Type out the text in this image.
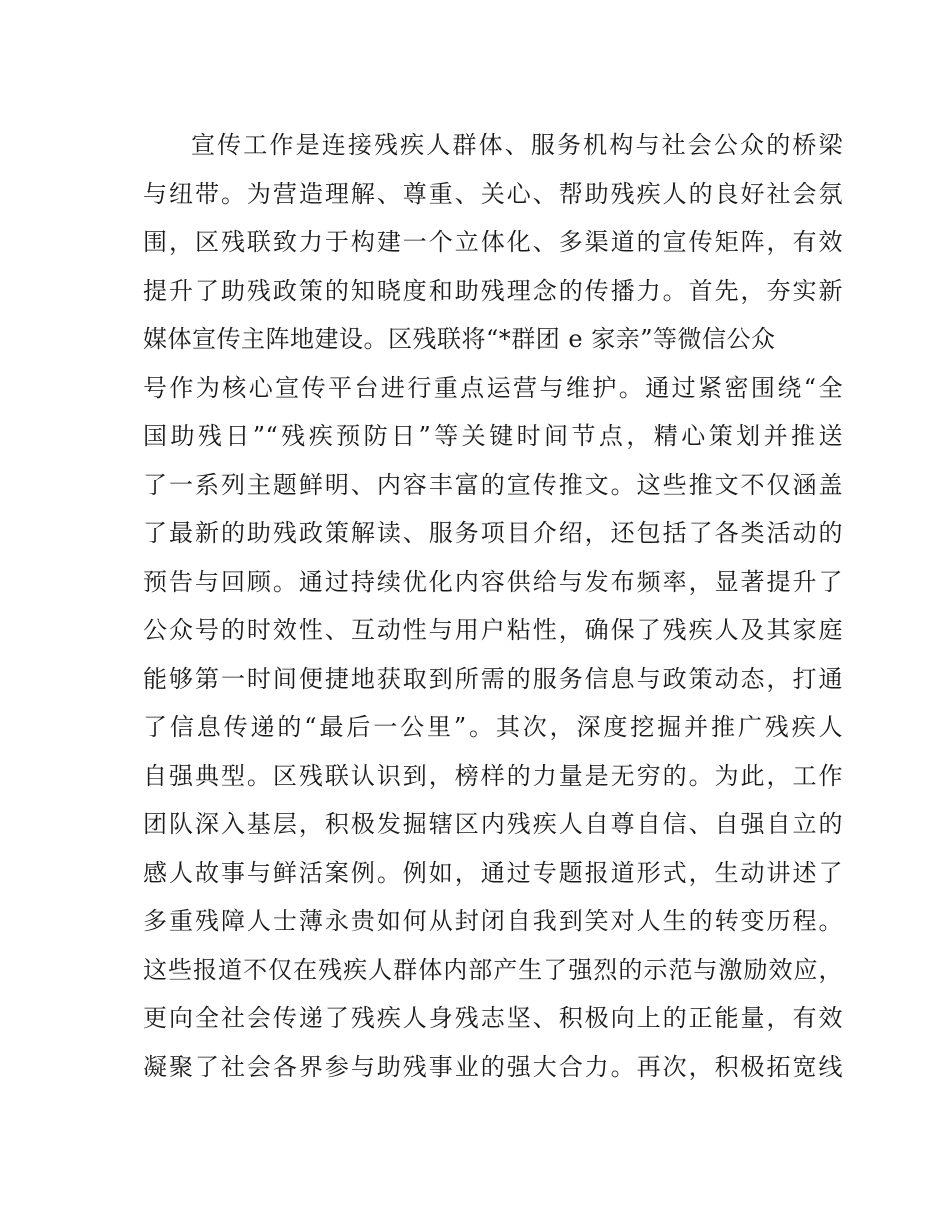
宣传工作是连接残疾人群体、服务机构与社会公众的桥梁
与纽带。为营造理解、尊重、关心、帮助残疾人的良好社会氛
围，区残联致力于构建一个立体化、多渠道的宣传矩阵，有效
提升了助残政策的知晓度和助残理念的传播力。首先，夯实新
媒体宣传主阵地建设。区残联将“*群团 e 家亲”等微信公众
号作为核心宣传平台进行重点运营与维护。通过紧密围绕“全
国助残日”“残疾预防日”等关键时间节点，精心策划并推送
了一系列主题鲜明、内容丰富的宣传推文。这些推文不仅涵盖
了最新的助残政策解读、服务项目介绍，还包括了各类活动的
预告与回顾。通过持续优化内容供给与发布频率，显著提升了
公众号的时效性、互动性与用户粘性，确保了残疾人及其家庭
能够第一时间便捷地获取到所需的服务信息与政策动态，打通
了信息传递的“最后一公里”。其次，深度挖掘并推广残疾人
自强典型。区残联认识到，榜样的力量是无穷的。为此，工作
团队深入基层，积极发掘辖区内残疾人自尊自信、自强自立的
感人故事与鲜活案例。例如，通过专题报道形式，生动讲述了
多重残障人士薄永贵如何从封闭自我到笑对人生的转变历程。
这些报道不仅在残疾人群体内部产生了强烈的示范与激励效应，
更向全社会传递了残疾人身残志坚、积极向上的正能量，有效
凝聚了社会各界参与助残事业的强大合力。再次，积极拓宽线
